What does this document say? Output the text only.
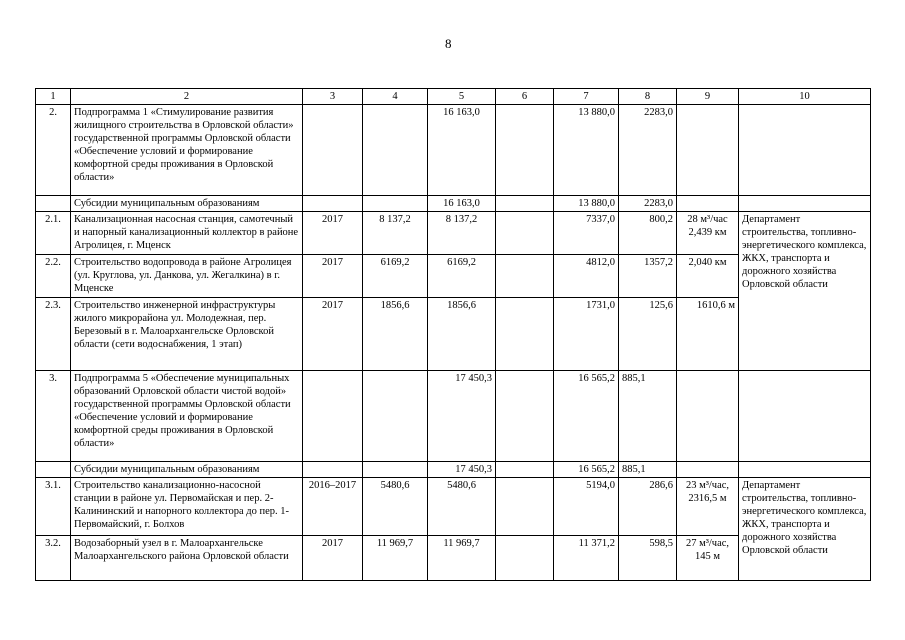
8
1	2	3	4	5	6	7	8	9	10
2.	Подпрограмма 1 «Стимулирование развития жилищного строительства в Орловской области» государственной программы Орловской области «Обеспечение условий и формирование комфортной среды проживания в Орловской области»			16 163,0		13 880,0	2283,0		
	Субсидии муниципальным образованиям			16 163,0		13 880,0	2283,0		
2.1.	Канализационная насосная станция, самотечный и напорный канализационный коллектор в районе Агролицея, г. Мценск	2017	8 137,2	8 137,2		7337,0	800,2	28 м³/час 2,439 км	Департамент строительства, топливно-энергетического комплекса, ЖКХ, транспорта и дорожного хозяйства Орловской области
2.2.	Строительство водопровода в районе Агролицея (ул. Круглова, ул. Данкова, ул. Жегалкина) в г. Мценске	2017	6169,2	6169,2		4812,0	1357,2	2,040 км	
2.3.	Строительство инженерной инфраструктуры жилого микрорайона ул. Молодежная, пер. Березовый в г. Малоархангельске Орловской области (сети водоснабжения, 1 этап)	2017	1856,6	1856,6		1731,0	125,6	1610,6 м	
3.	Подпрограмма 5 «Обеспечение муниципальных образований Орловской области чистой водой» государственной программы Орловской области «Обеспечение условий и формирование комфортной среды проживания в Орловской области»			17 450,3		16 565,2	885,1		
	Субсидии муниципальным образованиям			17 450,3		16 565,2	885,1		
3.1.	Строительство канализационно-насосной станции в районе ул. Первомайская и пер. 2-Калининский и напорного коллектора до пер. 1-Первомайский, г. Болхов	2016–2017	5480,6	5480,6		5194,0	286,6	23 м³/час, 2316,5 м	Департамент строительства, топливно-энергетического комплекса, ЖКХ, транспорта и дорожного хозяйства Орловской области
3.2.	Водозаборный узел в г. Малоархангельске Малоархангельского района Орловской области	2017	11 969,7	11 969,7		11 371,2	598,5	27 м³/час, 145 м	
